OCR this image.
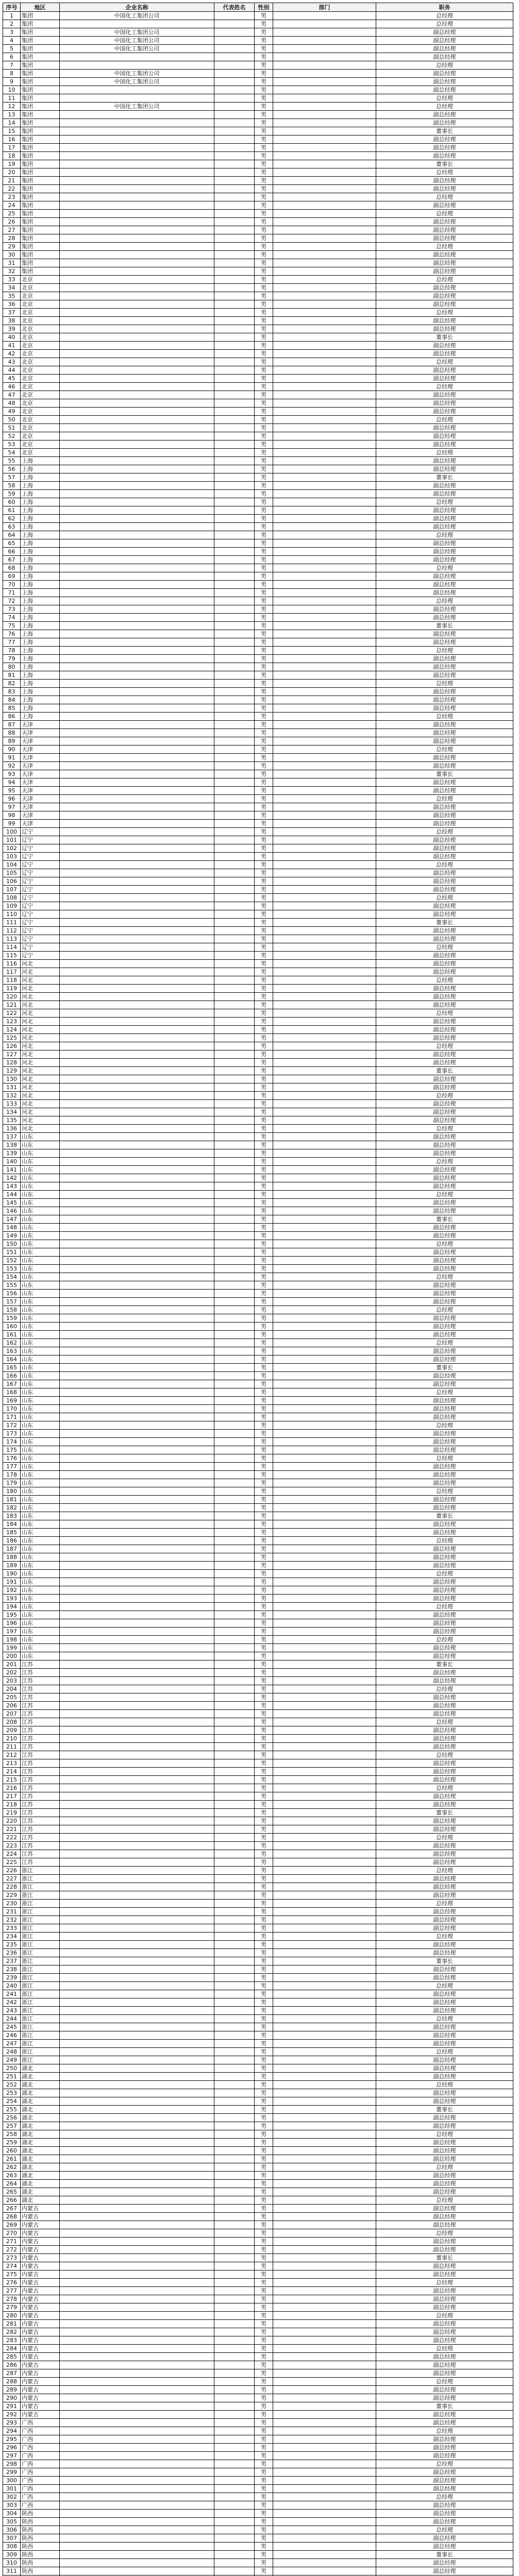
序号	地区	企业名称	代表姓名	性别	部门	职务
1	集团	中国化工集团公司		男		总经理
2	集团			男		总经理
3	集团	中国化工集团公司		男		副总经理
4	集团	中国化工集团公司		男		副总经理
5	集团	中国化工集团公司		男		副总经理
6	集团			男		副总经理
7	集团			男		总经理
8	集团	中国化工集团公司		男		副总经理
9	集团	中国化工集团公司		男		副总经理
10	集团			男		副总经理
11	集团			男		总经理
12	集团	中国化工集团公司		男		总经理
13	集团			男		副总经理
14	集团			男		副总经理
15	集团			男		董事长
16	集团			男		副总经理
17	集团			男		副总经理
18	集团			男		副总经理
19	集团			男		董事长
20	集团			男		总经理
21	集团			男		副总经理
22	集团			男		副总经理
23	集团			男		总经理
24	集团			男		副总经理
25	集团			男		总经理
26	集团			男		副总经理
27	集团			男		副总经理
28	集团			男		副总经理
29	集团			男		总经理
30	集团			男		副总经理
31	集团			男		副总经理
32	集团			男		副总经理
33	北京			男		总经理
34	北京			男		副总经理
35	北京			男		副总经理
36	北京			男		副总经理
37	北京			男		总经理
38	北京			男		副总经理
39	北京			男		副总经理
40	北京			男		董事长
41	北京			男		副总经理
42	北京			男		副总经理
43	北京			男		总经理
44	北京			男		副总经理
45	北京			男		副总经理
46	北京			男		总经理
47	北京			男		副总经理
48	北京			男		副总经理
49	北京			男		副总经理
50	北京			男		总经理
51	北京			男		副总经理
52	北京			男		副总经理
53	北京			男		副总经理
54	北京			男		总经理
55	上海			男		副总经理
56	上海			男		副总经理
57	上海			男		董事长
58	上海			男		副总经理
59	上海			男		副总经理
60	上海			男		总经理
61	上海			男		副总经理
62	上海			男		副总经理
63	上海			男		副总经理
64	上海			男		总经理
65	上海			男		副总经理
66	上海			男		副总经理
67	上海			男		副总经理
68	上海			男		总经理
69	上海			男		副总经理
70	上海			男		副总经理
71	上海			男		副总经理
72	上海			男		总经理
73	上海			男		副总经理
74	上海			男		副总经理
75	上海			男		董事长
76	上海			男		副总经理
77	上海			男		副总经理
78	上海			男		总经理
79	上海			男		副总经理
80	上海			男		副总经理
81	上海			男		副总经理
82	上海			男		总经理
83	上海			男		副总经理
84	上海			男		副总经理
85	上海			男		副总经理
86	上海			男		总经理
87	天津			男		副总经理
88	天津			男		副总经理
89	天津			男		副总经理
90	天津			男		总经理
91	天津			男		副总经理
92	天津			男		副总经理
93	天津			男		董事长
94	天津			男		副总经理
95	天津			男		副总经理
96	天津			男		总经理
97	天津			男		副总经理
98	天津			男		副总经理
99	天津			男		副总经理
100	辽宁			男		总经理
101	辽宁			男		副总经理
102	辽宁			男		副总经理
103	辽宁			男		副总经理
104	辽宁			男		总经理
105	辽宁			男		副总经理
106	辽宁			男		副总经理
107	辽宁			男		副总经理
108	辽宁			男		总经理
109	辽宁			男		副总经理
110	辽宁			男		副总经理
111	辽宁			男		董事长
112	辽宁			男		副总经理
113	辽宁			男		副总经理
114	辽宁			男		总经理
115	辽宁			男		副总经理
116	河北			男		副总经理
117	河北			男		副总经理
118	河北			男		总经理
119	河北			男		副总经理
120	河北			男		副总经理
121	河北			男		副总经理
122	河北			男		总经理
123	河北			男		副总经理
124	河北			男		副总经理
125	河北			男		副总经理
126	河北			男		总经理
127	河北			男		副总经理
128	河北			男		副总经理
129	河北			男		董事长
130	河北			男		副总经理
131	河北			男		副总经理
132	河北			男		总经理
133	河北			男		副总经理
134	河北			男		副总经理
135	河北			男		副总经理
136	河北			男		总经理
137	山东			男		副总经理
138	山东			男		副总经理
139	山东			男		副总经理
140	山东			男		总经理
141	山东			男		副总经理
142	山东			男		副总经理
143	山东			男		副总经理
144	山东			男		总经理
145	山东			男		副总经理
146	山东			男		副总经理
147	山东			男		董事长
148	山东			男		副总经理
149	山东			男		副总经理
150	山东			男		总经理
151	山东			男		副总经理
152	山东			男		副总经理
153	山东			男		副总经理
154	山东			男		总经理
155	山东			男		副总经理
156	山东			男		副总经理
157	山东			男		副总经理
158	山东			男		总经理
159	山东			男		副总经理
160	山东			男		副总经理
161	山东			男		副总经理
162	山东			男		总经理
163	山东			男		副总经理
164	山东			男		副总经理
165	山东			男		董事长
166	山东			男		副总经理
167	山东			男		副总经理
168	山东			男		总经理
169	山东			男		副总经理
170	山东			男		副总经理
171	山东			男		副总经理
172	山东			男		总经理
173	山东			男		副总经理
174	山东			男		副总经理
175	山东			男		副总经理
176	山东			男		总经理
177	山东			男		副总经理
178	山东			男		副总经理
179	山东			男		副总经理
180	山东			男		总经理
181	山东			男		副总经理
182	山东			男		副总经理
183	山东			男		董事长
184	山东			男		副总经理
185	山东			男		副总经理
186	山东			男		总经理
187	山东			男		副总经理
188	山东			男		副总经理
189	山东			男		副总经理
190	山东			男		总经理
191	山东			男		副总经理
192	山东			男		副总经理
193	山东			男		副总经理
194	山东			男		总经理
195	山东			男		副总经理
196	山东			男		副总经理
197	山东			男		副总经理
198	山东			男		总经理
199	山东			男		副总经理
200	山东			男		副总经理
201	江苏			男		董事长
202	江苏			男		副总经理
203	江苏			男		副总经理
204	江苏			男		总经理
205	江苏			男		副总经理
206	江苏			男		副总经理
207	江苏			男		副总经理
208	江苏			男		总经理
209	江苏			男		副总经理
210	江苏			男		副总经理
211	江苏			男		副总经理
212	江苏			男		总经理
213	江苏			男		副总经理
214	江苏			男		副总经理
215	江苏			男		副总经理
216	江苏			男		总经理
217	江苏			男		副总经理
218	江苏			男		副总经理
219	江苏			男		董事长
220	江苏			男		副总经理
221	江苏			男		副总经理
222	江苏			男		总经理
223	江苏			男		副总经理
224	江苏			男		副总经理
225	江苏			男		副总经理
226	浙江			男		总经理
227	浙江			男		副总经理
228	浙江			男		副总经理
229	浙江			男		副总经理
230	浙江			男		总经理
231	浙江			男		副总经理
232	浙江			男		副总经理
233	浙江			男		副总经理
234	浙江			男		总经理
235	浙江			男		副总经理
236	浙江			男		副总经理
237	浙江			男		董事长
238	浙江			男		副总经理
239	浙江			男		副总经理
240	浙江			男		总经理
241	浙江			男		副总经理
242	浙江			男		副总经理
243	浙江			男		副总经理
244	浙江			男		总经理
245	浙江			男		副总经理
246	浙江			男		副总经理
247	浙江			男		副总经理
248	浙江			男		总经理
249	浙江			男		副总经理
250	湖北			男		副总经理
251	湖北			男		副总经理
252	湖北			男		总经理
253	湖北			男		副总经理
254	湖北			男		副总经理
255	湖北			男		董事长
256	湖北			男		副总经理
257	湖北			男		副总经理
258	湖北			男		总经理
259	湖北			男		副总经理
260	湖北			男		副总经理
261	湖北			男		副总经理
262	湖北			男		总经理
263	湖北			男		副总经理
264	湖北			男		副总经理
265	湖北			男		副总经理
266	湖北			男		总经理
267	内蒙古			男		副总经理
268	内蒙古			男		副总经理
269	内蒙古			男		副总经理
270	内蒙古			男		总经理
271	内蒙古			男		副总经理
272	内蒙古			男		副总经理
273	内蒙古			男		董事长
274	内蒙古			男		副总经理
275	内蒙古			男		副总经理
276	内蒙古			男		总经理
277	内蒙古			男		副总经理
278	内蒙古			男		副总经理
279	内蒙古			男		副总经理
280	内蒙古			男		总经理
281	内蒙古			男		副总经理
282	内蒙古			男		副总经理
283	内蒙古			男		副总经理
284	内蒙古			男		总经理
285	内蒙古			男		副总经理
286	内蒙古			男		副总经理
287	内蒙古			男		副总经理
288	内蒙古			男		总经理
289	内蒙古			男		副总经理
290	内蒙古			男		副总经理
291	内蒙古			男		董事长
292	内蒙古			男		副总经理
293	广西			男		副总经理
294	广西			男		总经理
295	广西			男		副总经理
296	广西			男		副总经理
297	广西			男		副总经理
298	广西			男		总经理
299	广西			男		副总经理
300	广西			男		副总经理
301	广西			男		副总经理
302	广西			男		总经理
303	广西			男		副总经理
304	陕西			男		副总经理
305	陕西			男		副总经理
306	陕西			男		总经理
307	陕西			男		副总经理
308	陕西			男		副总经理
309	陕西			男		董事长
310	陕西			男		副总经理
311	陕西			男		副总经理
